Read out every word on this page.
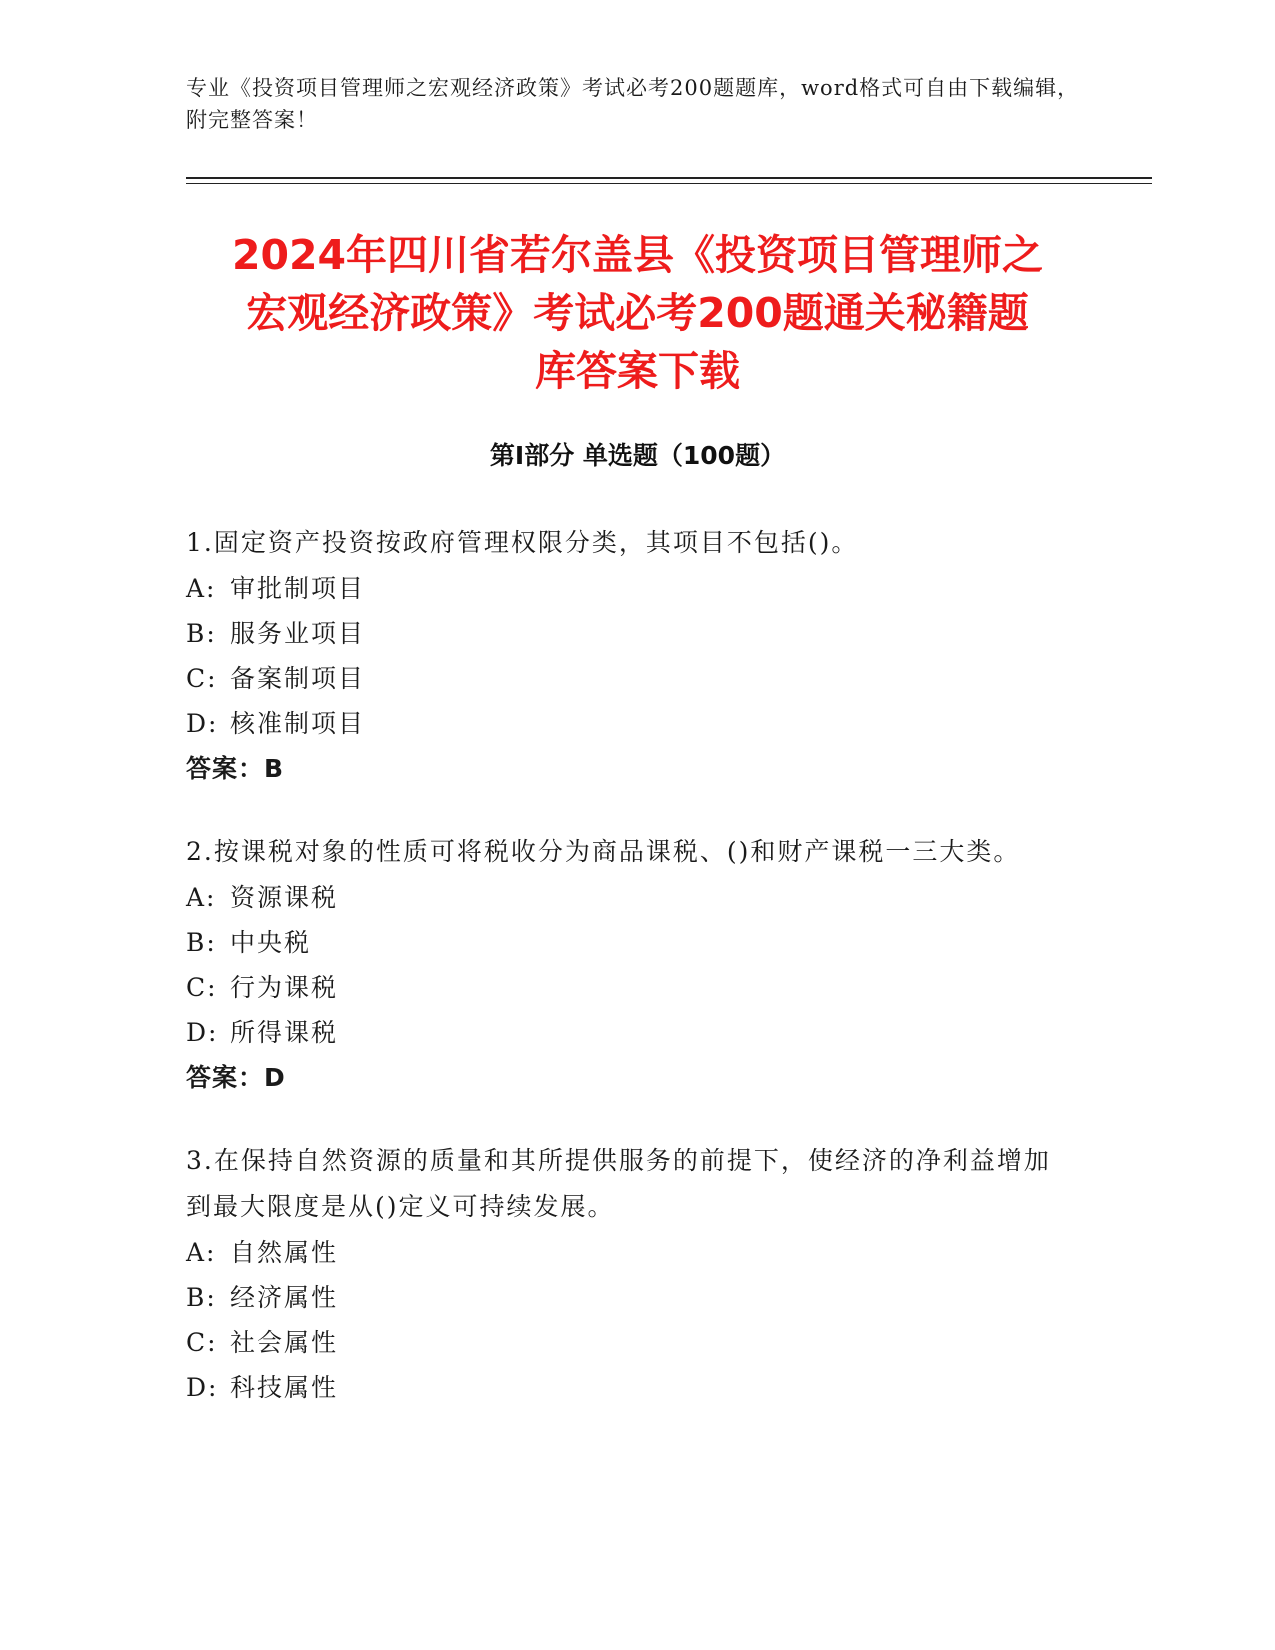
专业《投资项目管理师之宏观经济政策》考试必考200题题库，word格式可自由下载编辑，附完整答案！
2024年四川省若尔盖县《投资项目管理师之
宏观经济政策》考试必考200题通关秘籍题
库答案下载
第Ⅰ部分 单选题（100题）
1.固定资产投资按政府管理权限分类，其项目不包括()。
A: 审批制项目
B: 服务业项目
C: 备案制项目
D: 核准制项目
答案：B
2.按课税对象的性质可将税收分为商品课税、()和财产课税一三大类。
A: 资源课税
B: 中央税
C: 行为课税
D: 所得课税
答案：D
3.在保持自然资源的质量和其所提供服务的前提下，使经济的净利益增加到最大限度是从()定义可持续发展。
A: 自然属性
B: 经济属性
C: 社会属性
D: 科技属性
